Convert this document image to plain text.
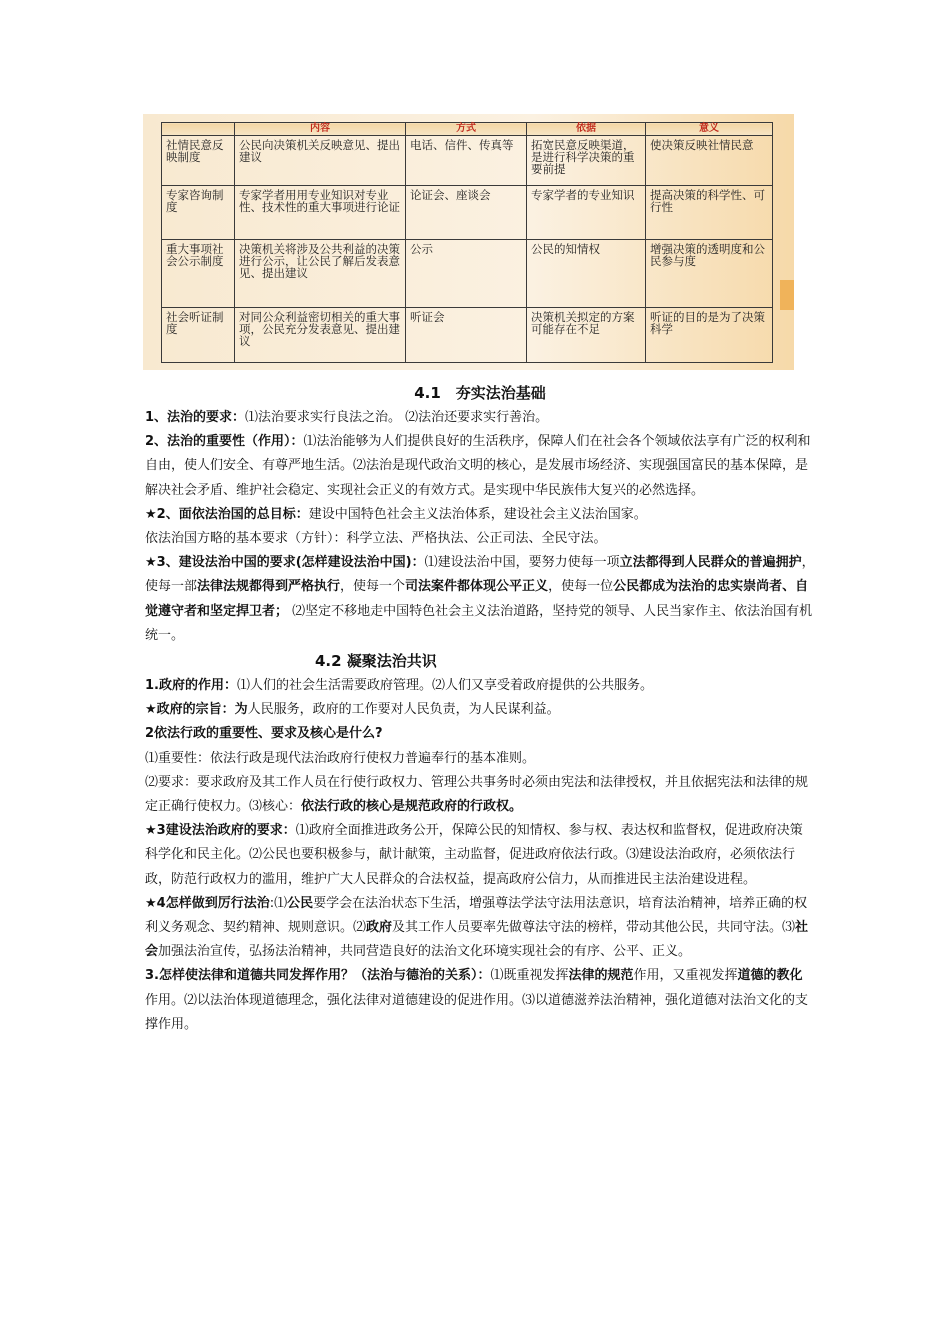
	内容	方式	依据	意义
社情民意反映制度	公民向决策机关反映意见、提出建议	电话、信件、传真等	拓宽民意反映渠道，是进行科学决策的重要前提	使决策反映社情民意
专家咨询制度	专家学者用用专业知识对专业性、技术性的重大事项进行论证	论证会、座谈会	专家学者的专业知识	提高决策的科学性、可行性
重大事项社会公示制度	决策机关将涉及公共利益的决策进行公示，让公民了解后发表意见、提出建议	公示	公民的知情权	增强决策的透明度和公民参与度
社会听证制度	对同公众利益密切相关的重大事项，公民充分发表意见、提出建议	听证会	决策机关拟定的方案可能存在不足	听证的目的是为了决策科学
4.1　夯实法治基础

1、法治的要求：⑴法治要求实行良法之治。 ⑵法治还要求实行善治。

2、法治的重要性（作用）：⑴法治能够为人们提供良好的生活秩序，保障人们在社会各个领域依法享有广泛的权利和自由，使人们安全、有尊严地生活。⑵法治是现代政治文明的核心，是发展市场经济、实现强国富民的基本保障，是解决社会矛盾、维护社会稳定、实现社会正义的有效方式。是实现中华民族伟大复兴的必然选择。

★2、面依法治国的总目标：建设中国特色社会主义法治体系，建设社会主义法治国家。

依法治国方略的基本要求（方针）：科学立法、严格执法、公正司法、全民守法。

★3、建设法治中国的要求(怎样建设法治中国)：⑴建设法治中国，要努力使每一项立法都得到人民群众的普遍拥护，使每一部法律法规都得到严格执行，使每一个司法案件都体现公平正义，使每一位公民都成为法治的忠实崇尚者、自觉遵守者和坚定捍卫者； ⑵坚定不移地走中国特色社会主义法治道路，坚持党的领导、人民当家作主、依法治国有机统一。

4.2 凝聚法治共识

1.政府的作用：⑴人们的社会生活需要政府管理。⑵人们又享受着政府提供的公共服务。

★政府的宗旨：为人民服务，政府的工作要对人民负责，为人民谋利益。

2依法行政的重要性、要求及核心是什么?

⑴重要性：依法行政是现代法治政府行使权力普遍奉行的基本准则。

⑵要求：要求政府及其工作人员在行使行政权力、管理公共事务时必须由宪法和法律授权，并且依据宪法和法律的规定正确行使权力。⑶核心：依法行政的核心是规范政府的行政权。

★3建设法治政府的要求：⑴政府全面推进政务公开，保障公民的知情权、参与权、表达权和监督权，促进政府决策科学化和民主化。⑵公民也要积极参与，献计献策，主动监督，促进政府依法行政。⑶建设法治政府，必须依法行政，防范行政权力的滥用，维护广大人民群众的合法权益，提高政府公信力，从而推进民主法治建设进程。

★4怎样做到厉行法治:⑴公民要学会在法治状态下生活，增强尊法学法守法用法意识，培育法治精神，培养正确的权利义务观念、契约精神、规则意识。⑵政府及其工作人员要率先做尊法守法的榜样，带动其他公民，共同守法。⑶社会加强法治宣传，弘扬法治精神，共同营造良好的法治文化环境实现社会的有序、公平、正义。

3.怎样使法律和道德共同发挥作用？（法治与德治的关系）：⑴既重视发挥法律的规范作用，又重视发挥道德的教化作用。⑵以法治体现道德理念，强化法律对道德建设的促进作用。⑶以道德滋养法治精神，强化道德对法治文化的支撑作用。
